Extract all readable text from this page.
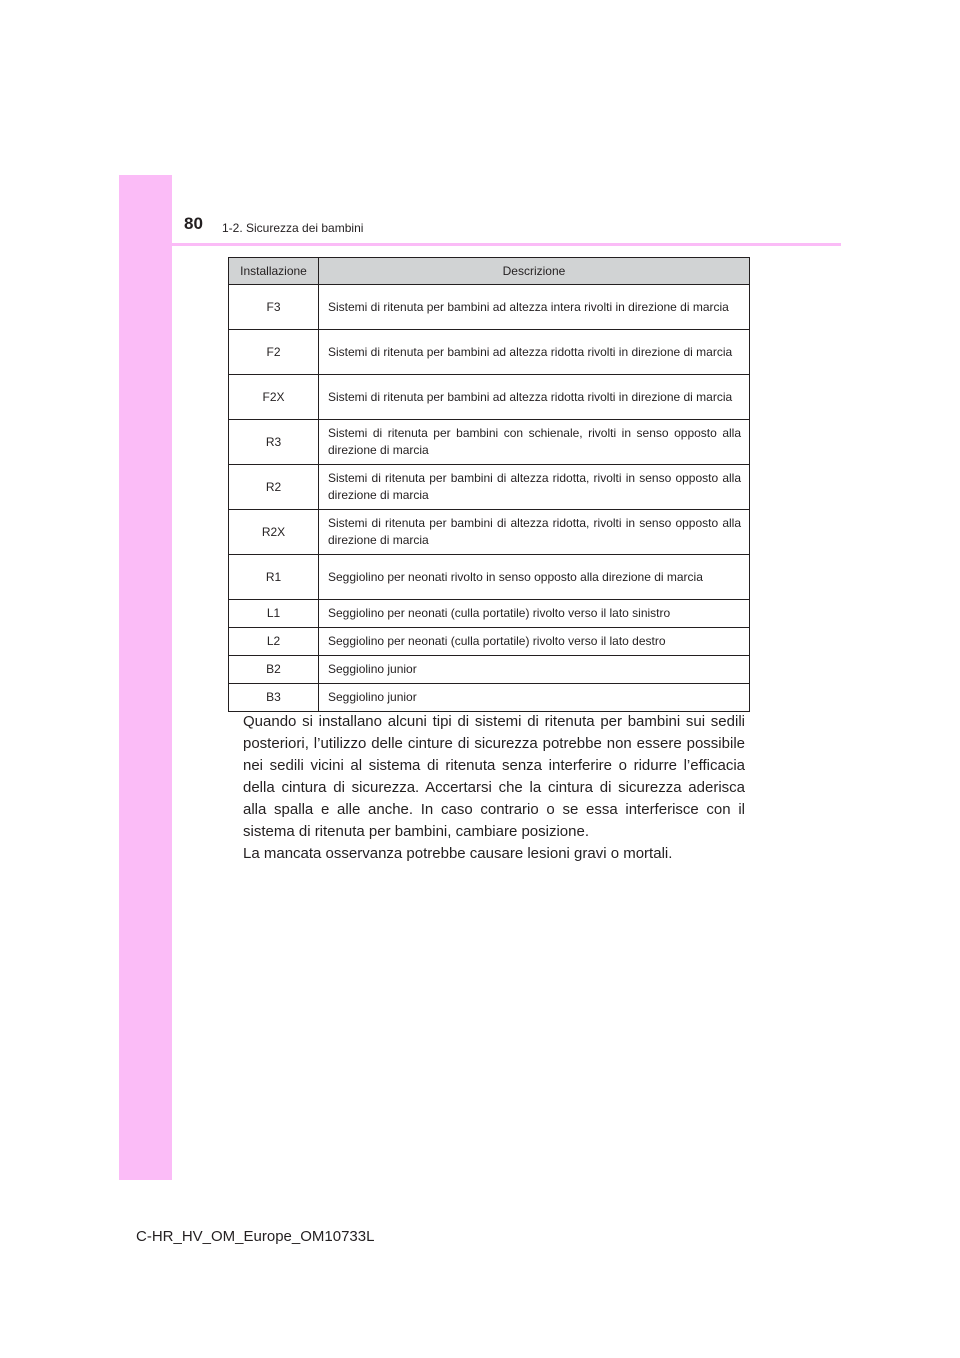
80 1-2. Sicurezza dei bambini
Installazione	Descrizione
F3	Sistemi di ritenuta per bambini ad altezza intera rivolti in direzione di marcia
F2	Sistemi di ritenuta per bambini ad altezza ridotta rivolti in direzione di marcia
F2X	Sistemi di ritenuta per bambini ad altezza ridotta rivolti in direzione di marcia
R3	Sistemi di ritenuta per bambini con schienale, rivolti in senso opposto alla direzione di marcia
R2	Sistemi di ritenuta per bambini di altezza ridotta, rivolti in senso opposto alla direzione di marcia
R2X	Sistemi di ritenuta per bambini di altezza ridotta, rivolti in senso opposto alla direzione di marcia
R1	Seggiolino per neonati rivolto in senso opposto alla direzione di marcia
L1	Seggiolino per neonati (culla portatile) rivolto verso il lato sinistro
L2	Seggiolino per neonati (culla portatile) rivolto verso il lato destro
B2	Seggiolino junior
B3	Seggiolino junior

Quando si installano alcuni tipi di sistemi di ritenuta per bambini sui sedili posteriori, l’utilizzo delle cinture di sicurezza potrebbe non essere possibile nei sedili vicini al sistema di ritenuta senza interferire o ridurre l’efficacia della cintura di sicurezza. Accertarsi che la cintura di sicurezza aderisca alla spalla e alle anche. In caso contrario o se essa interferisce con il sistema di ritenuta per bambini, cambiare posizione.

La mancata osservanza potrebbe causare lesioni gravi o mortali.

C-HR_HV_OM_Europe_OM10733L
